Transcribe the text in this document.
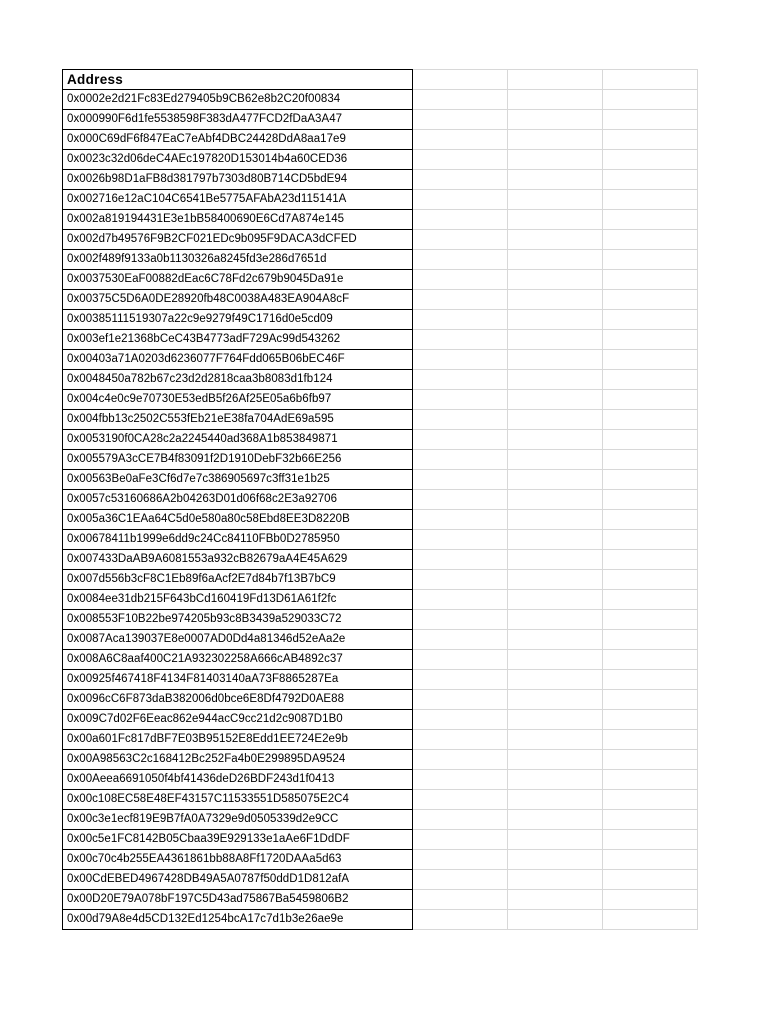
Address			
0x0002e2d21Fc83Ed279405b9CB62e8b2C20f00834			
0x000990F6d1fe5538598F383dA477FCD2fDaA3A47			
0x000C69dF6f847EaC7eAbf4DBC24428DdA8aa17e9			
0x0023c32d06deC4AEc197820D153014b4a60CED36			
0x0026b98D1aFB8d381797b7303d80B714CD5bdE94			
0x002716e12aC104C6541Be5775AFAbA23d115141A			
0x002a819194431E3e1bB58400690E6Cd7A874e145			
0x002d7b49576F9B2CF021EDc9b095F9DACA3dCFED			
0x002f489f9133a0b1130326a8245fd3e286d7651d			
0x0037530EaF00882dEac6C78Fd2c679b9045Da91e			
0x00375C5D6A0DE28920fb48C0038A483EA904A8cF			
0x00385111519307a22c9e9279f49C1716d0e5cd09			
0x003ef1e21368bCeC43B4773adF729Ac99d543262			
0x00403a71A0203d6236077F764Fdd065B06bEC46F			
0x0048450a782b67c23d2d2818caa3b8083d1fb124			
0x004c4e0c9e70730E53edB5f26Af25E05a6b6fb97			
0x004fbb13c2502C553fEb21eE38fa704AdE69a595			
0x0053190f0CA28c2a2245440ad368A1b853849871			
0x005579A3cCE7B4f83091f2D1910DebF32b66E256			
0x00563Be0aFe3Cf6d7e7c386905697c3ff31e1b25			
0x0057c53160686A2b04263D01d06f68c2E3a92706			
0x005a36C1EAa64C5d0e580a80c58Ebd8EE3D8220B			
0x00678411b1999e6dd9c24Cc84110FBb0D2785950			
0x007433DaAB9A6081553a932cB82679aA4E45A629			
0x007d556b3cF8C1Eb89f6aAcf2E7d84b7f13B7bC9			
0x0084ee31db215F643bCd160419Fd13D61A61f2fc			
0x008553F10B22be974205b93c8B3439a529033C72			
0x0087Aca139037E8e0007AD0Dd4a81346d52eAa2e			
0x008A6C8aaf400C21A932302258A666cAB4892c37			
0x00925f467418F4134F81403140aA73F8865287Ea			
0x0096cC6F873daB382006d0bce6E8Df4792D0AE88			
0x009C7d02F6Eeac862e944acC9cc21d2c9087D1B0			
0x00a601Fc817dBF7E03B95152E8Edd1EE724E2e9b			
0x00A98563C2c168412Bc252Fa4b0E299895DA9524			
0x00Aeea6691050f4bf41436deD26BDF243d1f0413			
0x00c108EC58E48EF43157C11533551D585075E2C4			
0x00c3e1ecf819E9B7fA0A7329e9d0505339d2e9CC			
0x00c5e1FC8142B05Cbaa39E929133e1aAe6F1DdDF			
0x00c70c4b255EA4361861bb88A8Ff1720DAAa5d63			
0x00CdEBED4967428DB49A5A0787f50ddD1D812afA			
0x00D20E79A078bF197C5D43ad75867Ba5459806B2			
0x00d79A8e4d5CD132Ed1254bcA17c7d1b3e26ae9e			
